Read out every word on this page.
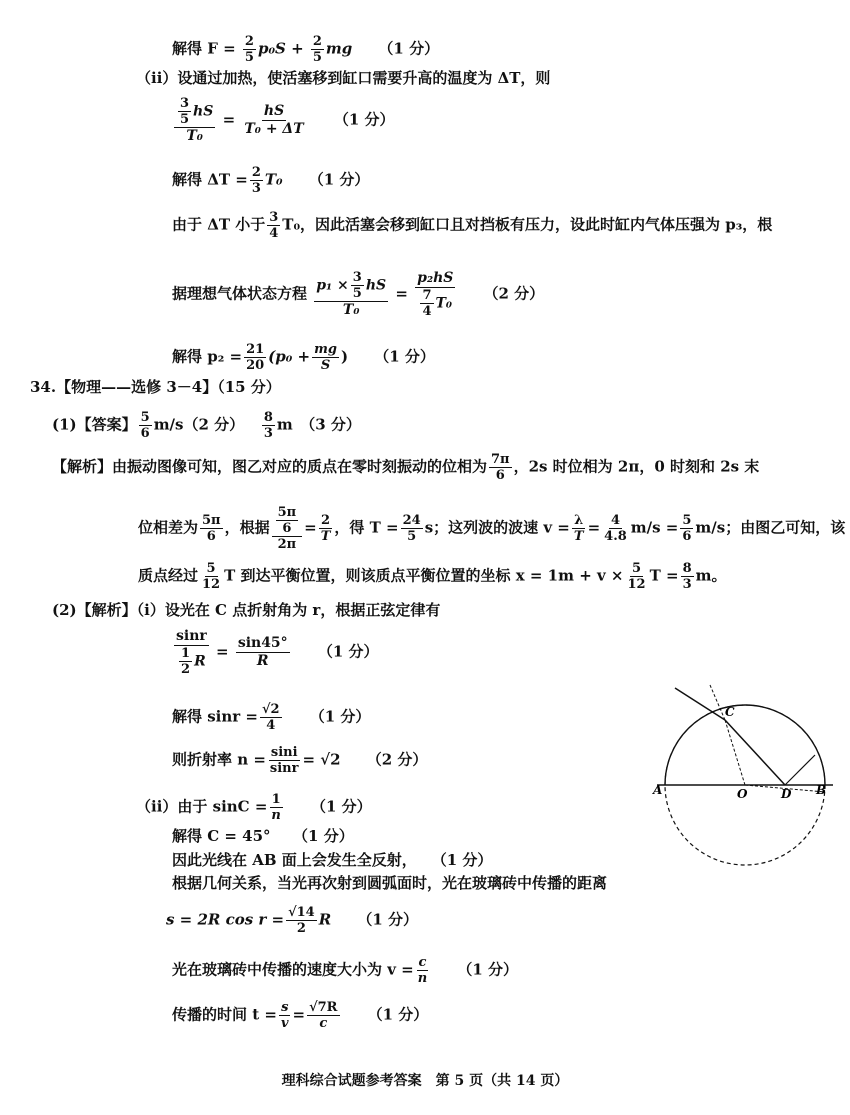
解得 $F = \frac{2}{5} p_0S + \frac{2}{5}$ mg （1 分）
（ⅱ）设通过加热，使活塞移到缸口需要升高的温度为 ΔT，则
$\frac{\frac{3}{5} hS}{\text{T₀}} = \frac{hS}{\text{T₀ + ΔT}} (1$ 分）
解得 $\Delta T = \frac{2}{3} T_0$ （1 分）
由于 ΔT 小于 $\frac{3}{4} T_0$，因此活塞会移到缸口且对挡板有压力，设此时缸内气体压强为 p₃，根
据理想气体状态方程 $\frac{p_1 \times \frac{3}{5} hS}{\text{T₀}} = \frac{\text{p₂hS}}{\frac{7}{4} T_0} (2$ 分）
解得 $p_2 = \frac{21}{20} (p_0 + \frac{mg}{S}$ ) （1 分）
34.【物理——选修 3－4】（15 分）
(1)【答案】 $\frac{5}{6} m/s(2$ 分） $\frac{8}{3}$ m　（3 分）
【解析】由振动图像可知，图乙对应的质点在零时刻振动的位相为 $\frac{7\pi}{6}$ ，2s 时位相为 2π，0 时刻和 2s 末
位相差为 $\frac{5\pi}{6}$ ，根据 $\frac{\frac{5\pi}{6}}{2\pi} = \frac{2}{T}$ ，得 $T = \frac{24}{5}$ s；这列波的波速 $v = \frac{\lambda}{T} = \frac{4}{4.8} m/s = \frac{5}{6} m/s$；由图乙可知，该
质点经过 $\frac{5}{12}$ T 到达平衡位置，则该质点平衡位置的坐标 $x = 1m + v \times \frac{5}{12}$ $T = \frac{8}{3}$ m。
(2)【解析】（ⅰ）设光在 C 点折射角为 r，根据正弦定律有
$\frac{\sin r}{\frac{1}{2} R} = \frac{\sin 45^\circ}{R} (1$ 分）
解得 $\sin r = \frac{√2}{4} (1$ 分）
则折射率 $n = \frac{\sin i}{\sin r} = √2$ （2 分）
（ⅱ）由于 $\sin C = \frac{1}{n} (1$ 分）
解得 C = 45°　　（1 分）
因此光线在 AB 面上会发生全反射，　　（1 分）
根据几何关系，当光再次射到圆弧面时，光在玻璃砖中传播的距离
s = 2R $\cos r = \frac{√14}{2}$ R （1 分）
光在玻璃砖中传播的速度大小为 $v = \frac{c}{n} (1$ 分）
传播的时间 $t = \frac{s}{v} = \frac{√7R}{c} (1$ 分）
A	O	D B
C
理科综合试题参考答案　第 5 页（共 14 页）
